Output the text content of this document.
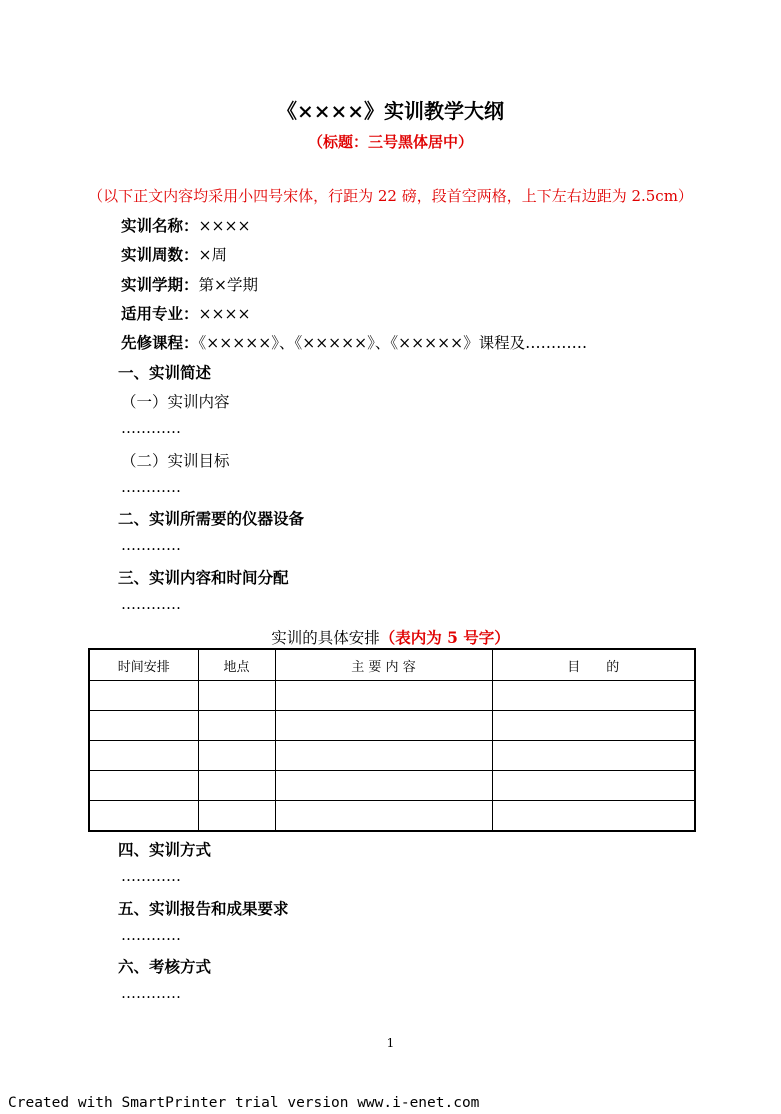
《××××》实训教学大纲
（标题：三号黑体居中）
（以下正文内容均采用小四号宋体，行距为 22 磅，段首空两格，上下左右边距为 2.5cm）
实训名称：××××
实训周数：×周
实训学期：第×学期
适用专业：××××
先修课程：《×××××》、《×××××》、《×××××》课程及…………
一、实训简述
（一）实训内容
…………
（二）实训目标
…………
二、实训所需要的仪器设备
…………
三、实训内容和时间分配
…………
实训的具体安排（表内为 5 号字）
时间安排	地点	主 要 内 容	目　　的

四、实训方式
…………
五、实训报告和成果要求
…………
六、考核方式
…………
1
Created with SmartPrinter trial version www.i-enet.com
